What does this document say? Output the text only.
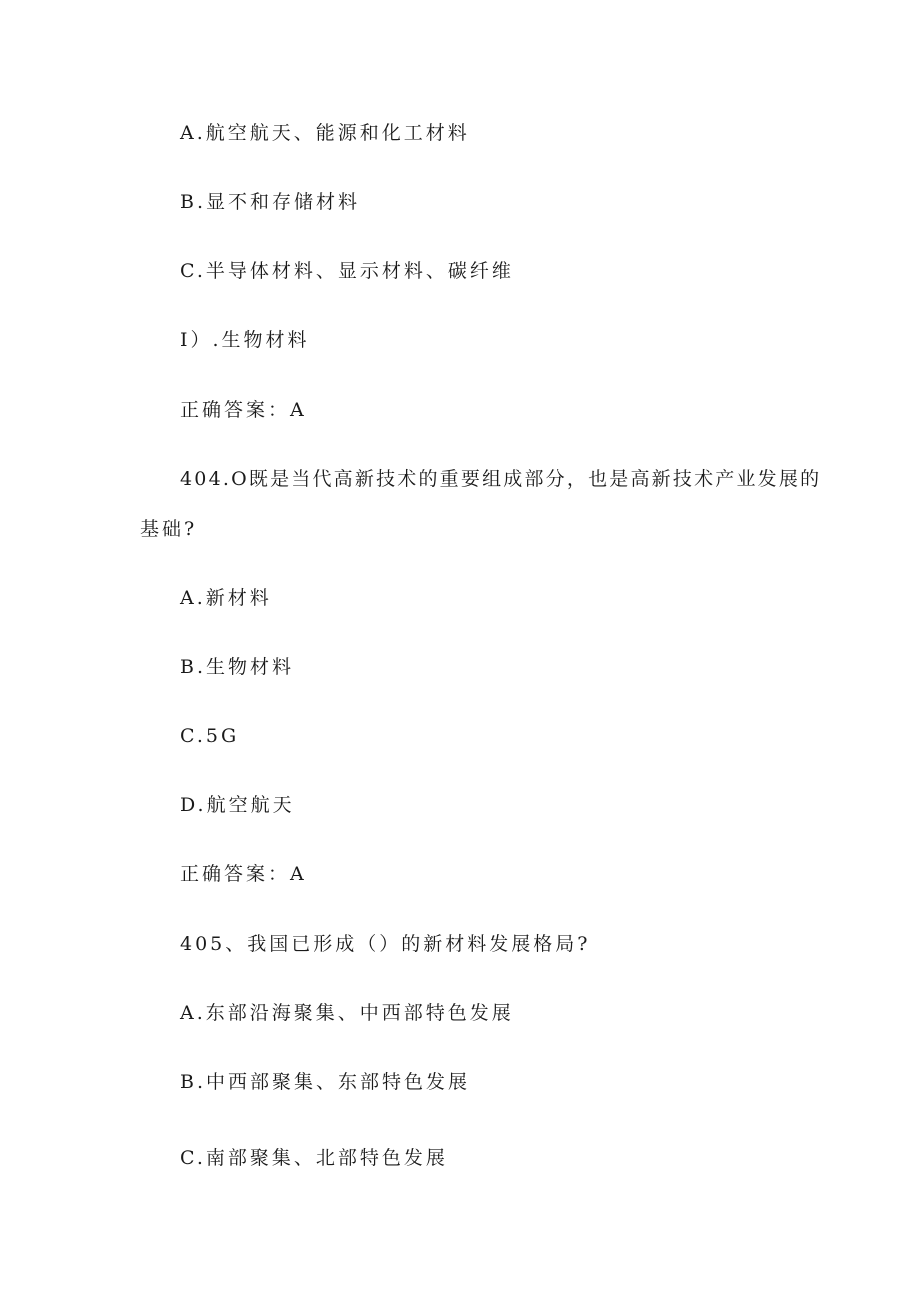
A.航空航天、能源和化工材料
B.显不和存储材料
C.半导体材料、显示材料、碳纤维
I）.生物材料
正确答案：A
404.O既是当代高新技术的重要组成部分，也是高新技术产业发展的
基础?
A.新材料
B.生物材料
C.5G
D.航空航天
正确答案：A
405、我国已形成（）的新材料发展格局?
A.东部沿海聚集、中西部特色发展
B.中西部聚集、东部特色发展
C.南部聚集、北部特色发展
